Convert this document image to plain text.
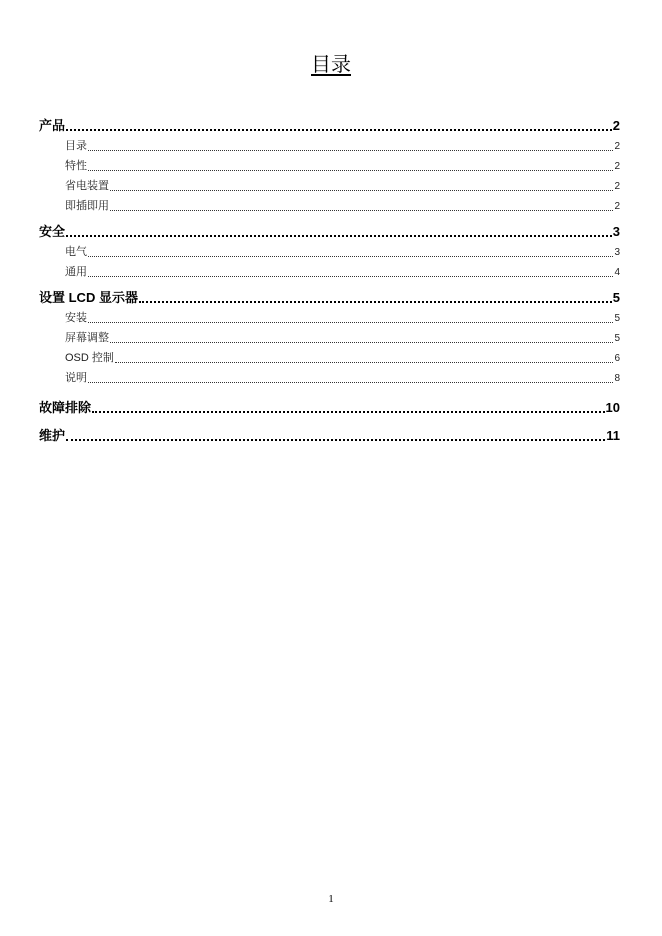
目录
产品	2
目录	2
特性	2
省电装置	2
即插即用	2
安全	3
电气	3
通用	4
设置 LCD 显示器	5
安装	5
屏幕调整	5
OSD 控制	6
说明	8
故障排除	10
维护	11
1
